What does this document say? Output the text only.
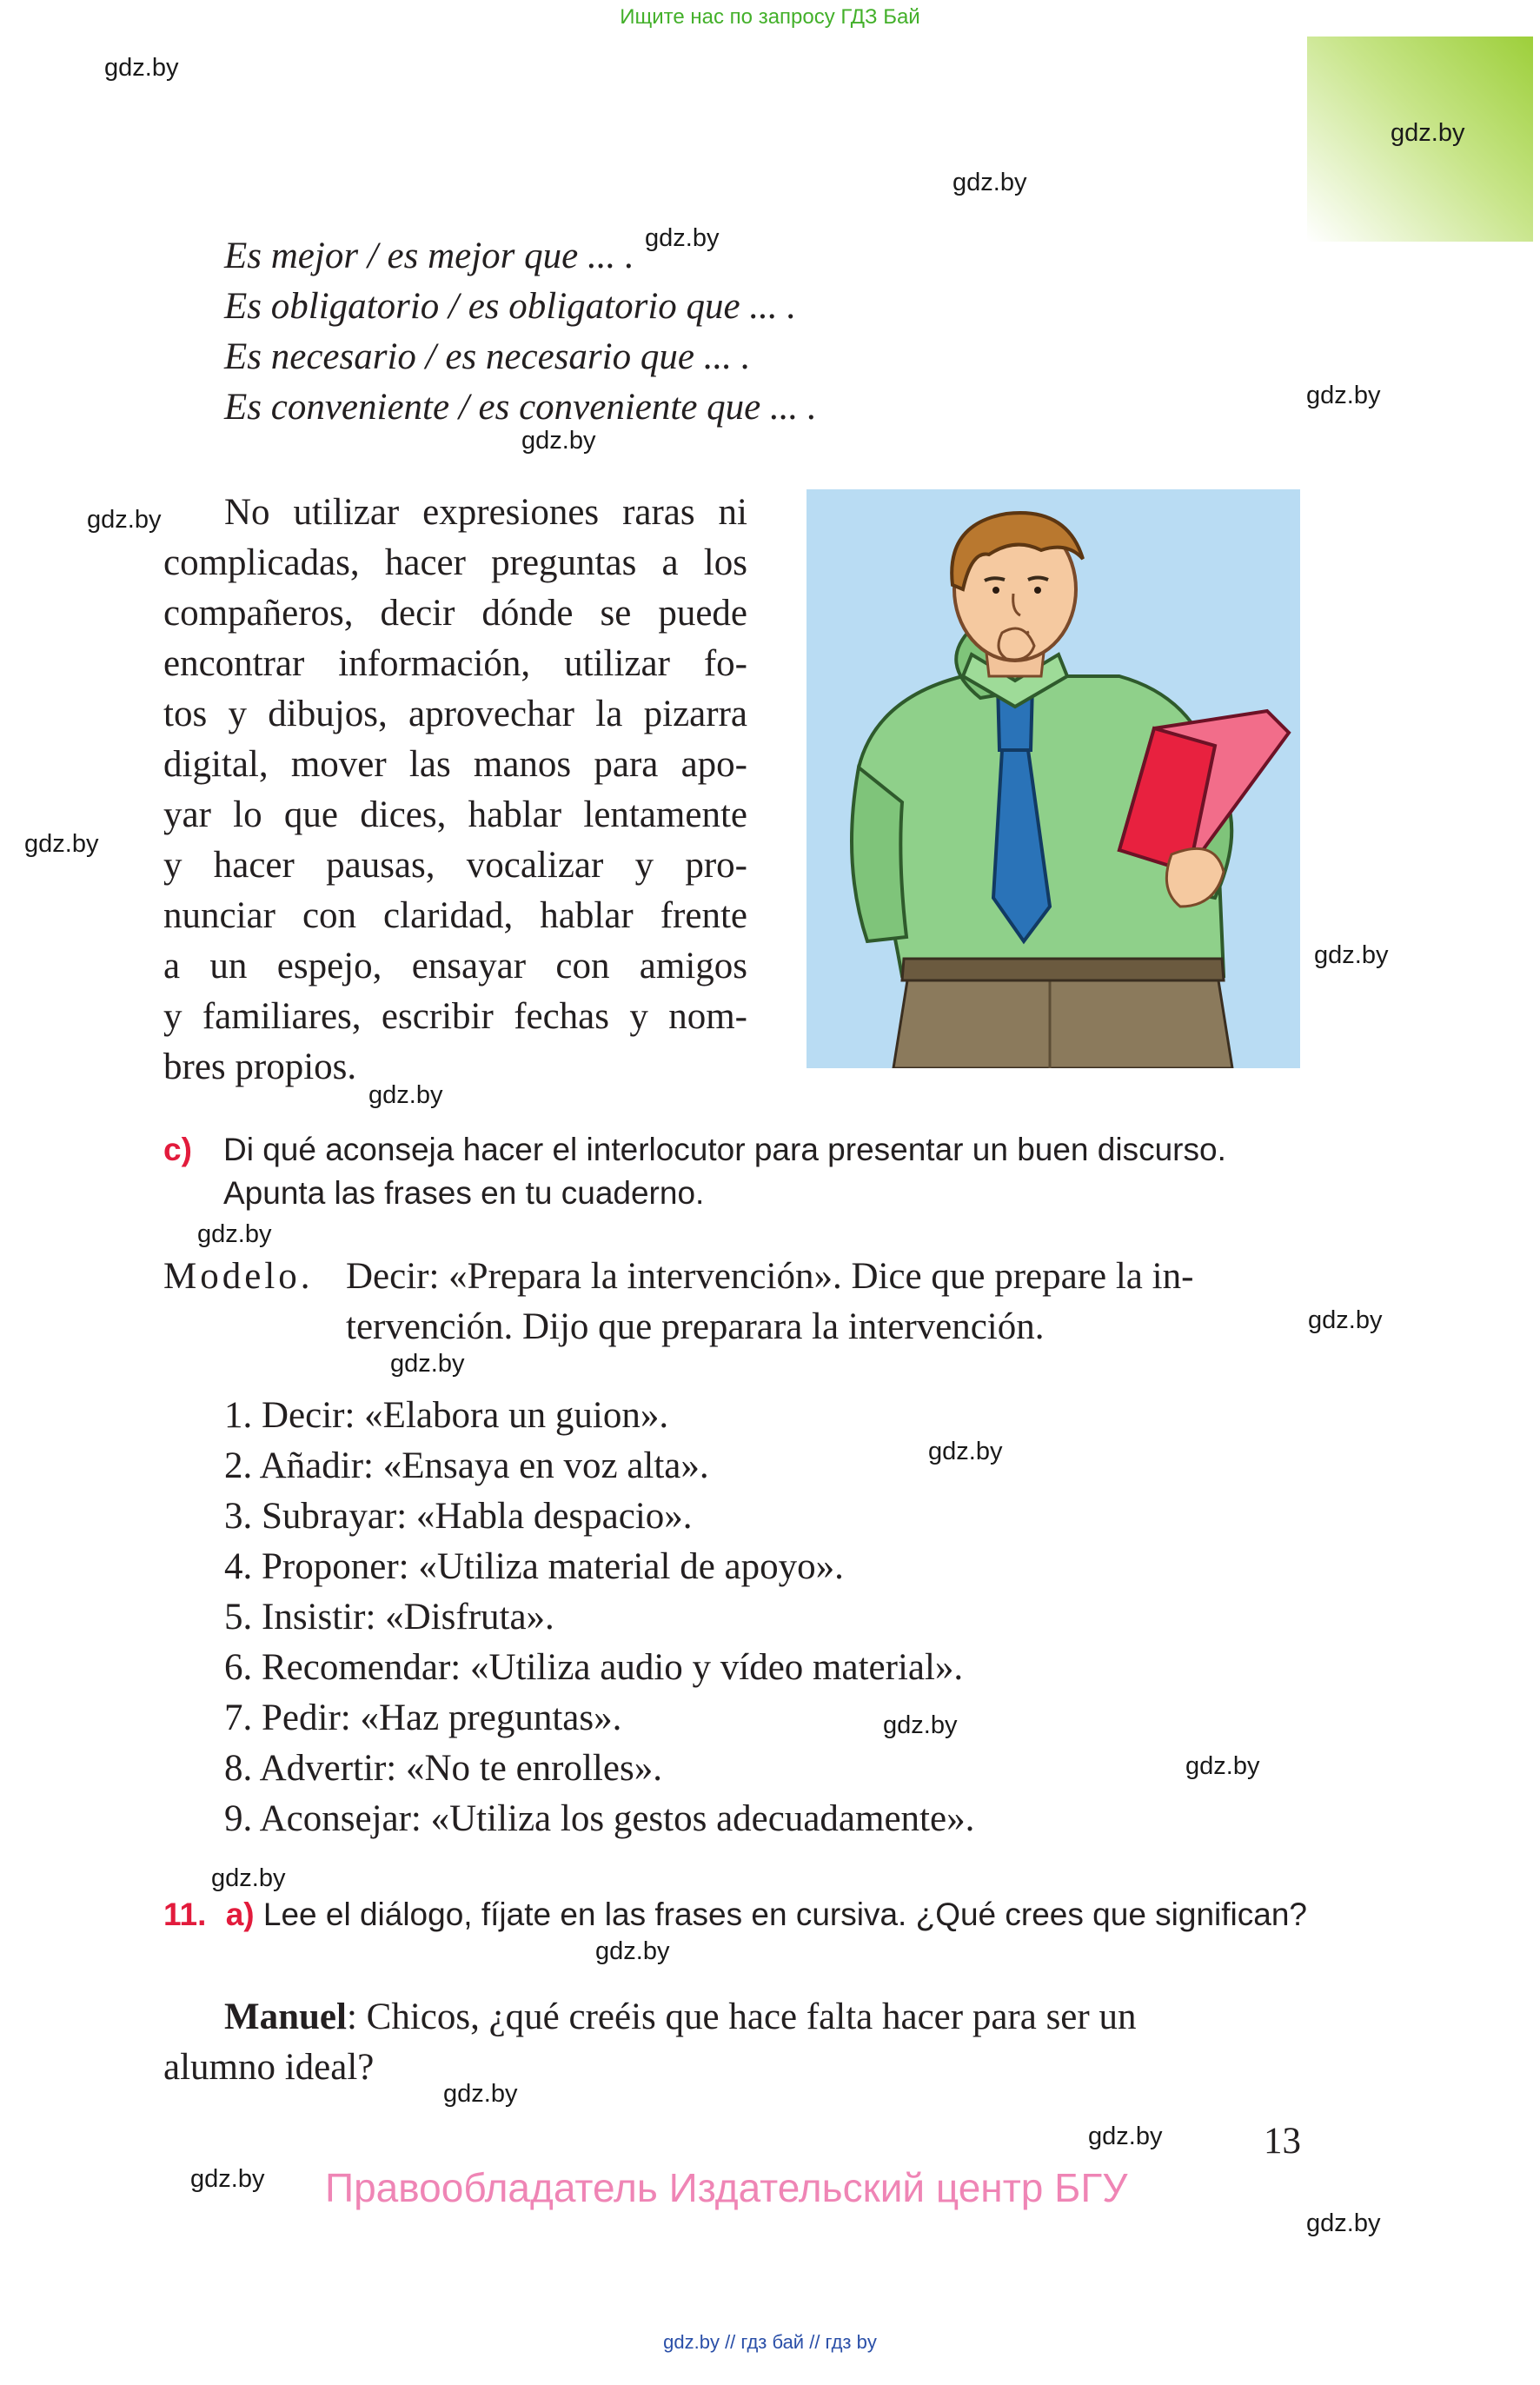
Ищите нас по запросу ГДЗ Бай
gdz.by
gdz.by
gdz.by
gdz.by
gdz.by
gdz.by
gdz.by
gdz.by
gdz.by
gdz.by
gdz.by
gdz.by
gdz.by
gdz.by
gdz.by
gdz.by
gdz.by
gdz.by
gdz.by
gdz.by
gdz.by
gdz.by
Es mejor / es mejor que ... .
Es obligatorio / es obligatorio que ... .
Es necesario / es necesario que ... .
Es conveniente / es conveniente que ... .
No utilizar expresiones raras ni
complicadas, hacer preguntas a los
compañeros, decir dónde se puede
encontrar información, utilizar fo-
tos y dibujos, aprovechar la pizarra
digital, mover las manos para apo-
yar lo que dices, hablar lentamente
y hacer pausas, vocalizar y pro-
nunciar con claridad, hablar frente
a un espejo, ensayar con amigos
y familiares, escribir fechas y nom-
bres propios.
c) Di qué aconseja hacer el interlocutor para presentar un buen discurso.
Apunta las frases en tu cuaderno.
Modelo. Decir: «Prepara la intervención». Dice que prepare la in-
tervención. Dijo que preparara la intervención.
1. Decir: «Elabora un guion».
2. Añadir: «Ensaya en voz alta».
3. Subrayar: «Habla despacio».
4. Proponer: «Utiliza material de apoyo».
5. Insistir: «Disfruta».
6. Recomendar: «Utiliza audio y vídeo material».
7. Pedir: «Haz preguntas».
8. Advertir: «No te enrolles».
9. Aconsejar: «Utiliza los gestos adecuadamente».
11. a) Lee el diálogo, fíjate en las frases en cursiva. ¿Qué crees que significan?
Manuel: Chicos, ¿qué creéis que hace falta hacer para ser un
alumno ideal?
13
Правообладатель Издательский центр БГУ
gdz.by // гдз бай // гдз by
